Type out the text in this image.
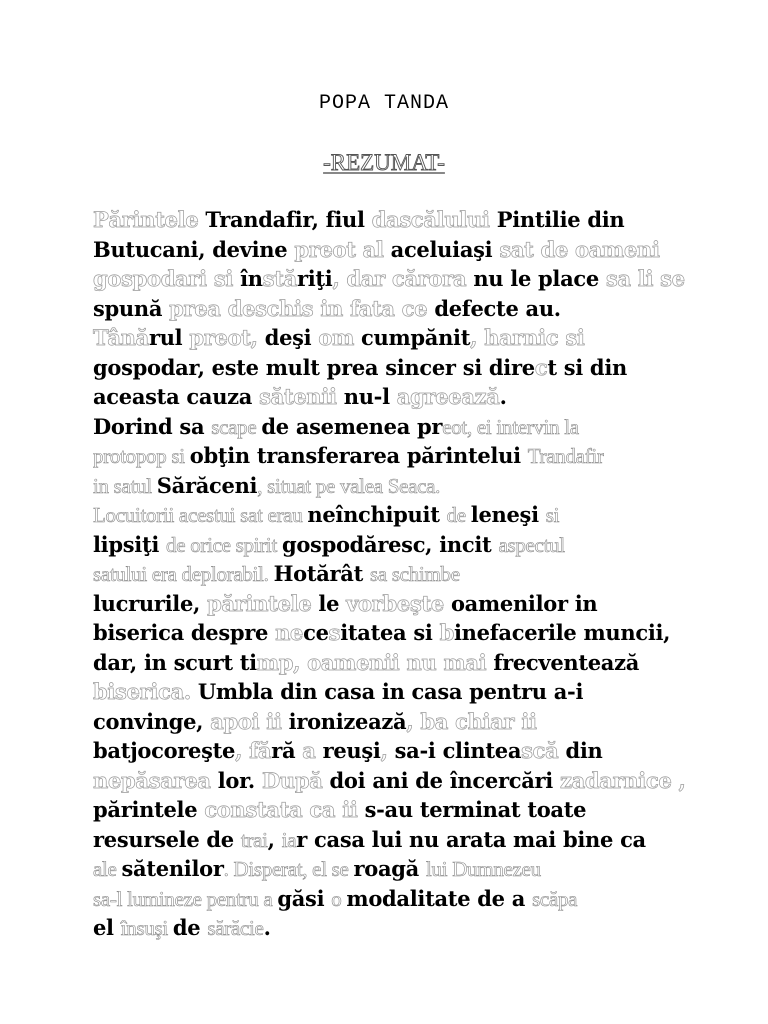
POPA TANDA
-REZUMAT-
Părintele Trandafir, fiul dascălului Pintilie din
Butucani, devine preot al aceluiaşi sat de oameni
gospodari si înstăriţi, dar cărora nu le place sa li se
spună prea deschis in fata ce defecte au.
Tânărul preot, deşi om cumpănit, harnic si
gospodar, este mult prea sincer si direct si din
aceasta cauza sătenii nu-l agreează.
Dorind sa scape de asemenea preot, ei intervin la
protopop si obţin transferarea părintelui Trandafir
in satul Sărăceni, situat pe valea Seaca.
Locuitorii acestui sat erau neînchipuit de leneşi si
lipsiţi de orice spirit gospodăresc, incit aspectul
satului era deplorabil. Hotărât sa schimbe
lucrurile, părintele le vorbeşte oamenilor in
biserica despre necesitatea si binefacerile muncii,
dar, in scurt timp, oamenii nu mai frecventează
biserica. Umbla din casa in casa pentru a-i
convinge, apoi ii ironizează, ba chiar ii
batjocoreşte, fără a reuşi, sa-i clintească din
nepăsarea lor. După doi ani de încercări zadarnice ,
părintele constata ca ii s-au terminat toate
resursele de trai, iar casa lui nu arata mai bine ca
ale sătenilor. Disperat, el se roagă lui Dumnezeu
sa-l lumineze pentru a găsi o modalitate de a scăpa
el însuşi de sărăcie.
